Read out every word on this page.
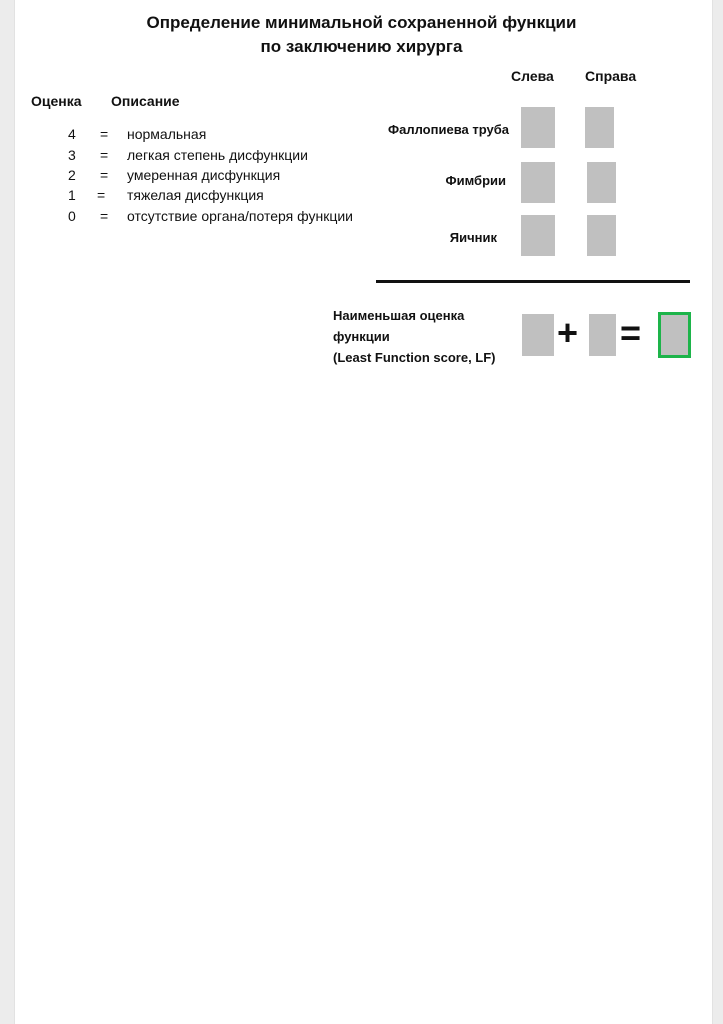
Определение минимальной сохраненной функции
по заключению хирурга
Слева Справа
Оценка Описание
4 = нормальная
3 = легкая степень дисфункции
2 = умеренная дисфункция
1 = тяжелая дисфункция
0 = отсутствие органа/потеря функции
Фаллопиева труба
Фимбрии
Яичник
Наименьшая оценка
функции
(Least Function score, LF)
+ =
